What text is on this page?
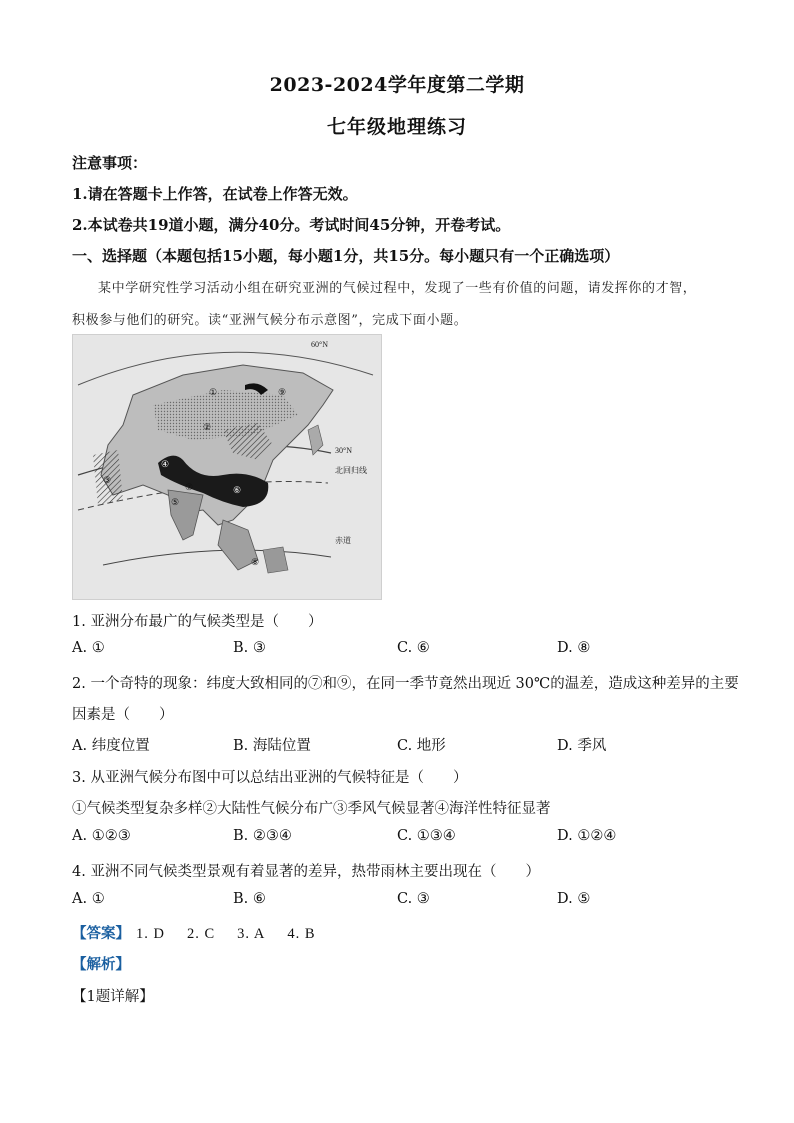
2023-2024学年度第二学期
七年级地理练习
注意事项：
1.请在答题卡上作答，在试卷上作答无效。
2.本试卷共19道小题，满分40分。考试时间45分钟，开卷考试。
一、选择题（本题包括15小题，每小题1分，共15分。每小题只有一个正确选项）
某中学研究性学习活动小组在研究亚洲的气候过程中，发现了一些有价值的问题，请发挥你的才智，
积极参与他们的研究。读“亚洲气候分布示意图”，完成下面小题。
60°N
30°N
北回归线
赤道
①
②
③
④
⑤
⑥
⑦
⑧
⑨
1. 亚洲分布最广的气候类型是（　　）
A. ①	B. ③	C. ⑥	D. ⑧
2. 一个奇特的现象：纬度大致相同的⑦和⑨，在同一季节竟然出现近 30℃的温差，造成这种差异的主要
因素是（　　）
A. 纬度位置	B. 海陆位置	C. 地形	D. 季风
3. 从亚洲气候分布图中可以总结出亚洲的气候特征是（　　）
①气候类型复杂多样②大陆性气候分布广③季风气候显著④海洋性特征显著
A. ①②③	B. ②③④	C. ①③④	D. ①②④
4. 亚洲不同气候类型景观有着显著的差异，热带雨林主要出现在（　　）
A. ①	B. ⑥	C. ③	D. ⑤
【答案】 1. D 2. C 3. A 4. B
【解析】
【1题详解】
